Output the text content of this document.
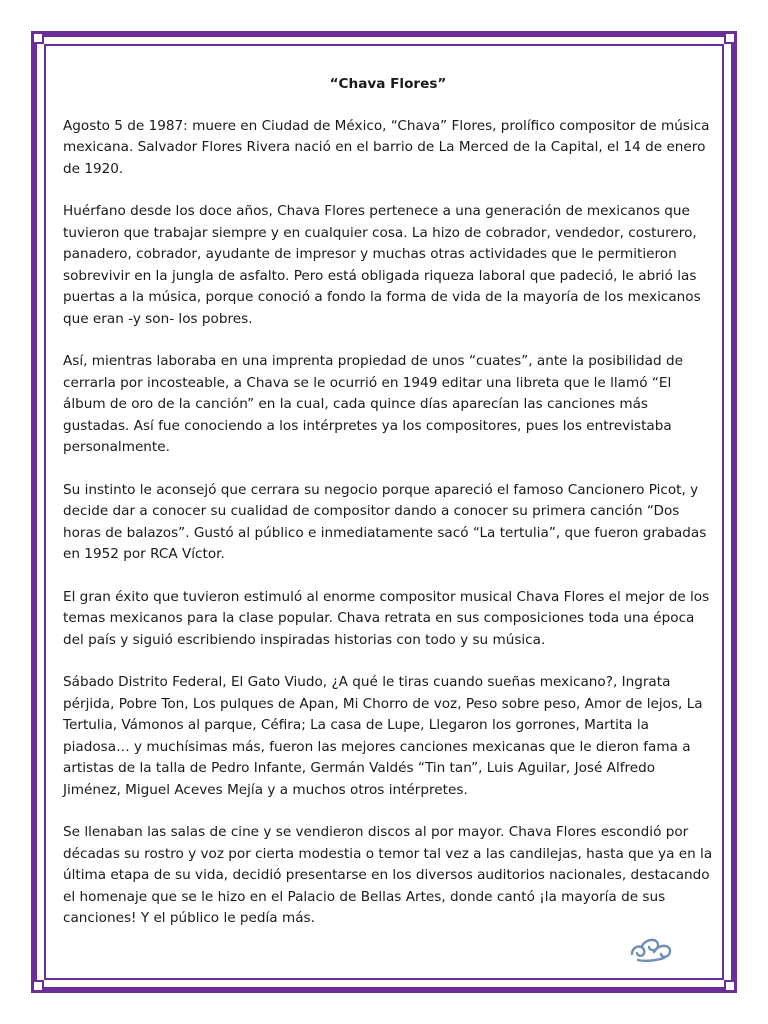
“Chava Flores”

Agosto 5 de 1987: muere en Ciudad de México, “Chava” Flores, prolífico compositor de música mexicana. Salvador Flores Rivera nació en el barrio de La Merced de la Capital, el 14 de enero de 1920.

Huérfano desde los doce años, Chava Flores pertenece a una generación de mexicanos que tuvieron que trabajar siempre y en cualquier cosa. La hizo de cobrador, vendedor, costurero, panadero, cobrador, ayudante de impresor y muchas otras actividades que le permitieron sobrevivir en la jungla de asfalto. Pero está obligada riqueza laboral que padeció, le abrió las puertas a la música, porque conoció a fondo la forma de vida de la mayoría de los mexicanos que eran -y son- los pobres.

Así, mientras laboraba en una imprenta propiedad de unos “cuates”, ante la posibilidad de cerrarla por incosteable, a Chava se le ocurrió en 1949 editar una libreta que le llamó “El álbum de oro de la canción” en la cual, cada quince días aparecían las canciones más gustadas. Así fue conociendo a los intérpretes ya los compositores, pues los entrevistaba personalmente.

Su instinto le aconsejó que cerrara su negocio porque apareció el famoso Cancionero Picot, y decide dar a conocer su cualidad de compositor dando a conocer su primera canción “Dos horas de balazos”. Gustó al público e inmediatamente sacó “La tertulia”, que fueron grabadas en 1952 por RCA Víctor.

El gran éxito que tuvieron estimuló al enorme compositor musical Chava Flores el mejor de los temas mexicanos para la clase popular. Chava retrata en sus composiciones toda una época del país y siguió escribiendo inspiradas historias con todo y su música.

Sábado Distrito Federal, El Gato Viudo, ¿A qué le tiras cuando sueñas mexicano?, Ingrata pérjida, Pobre Ton, Los pulques de Apan, Mi Chorro de voz, Peso sobre peso, Amor de lejos, La Tertulia, Vámonos al parque, Céfira; La casa de Lupe, Llegaron los gorrones, Martita la piadosa… y muchísimas más, fueron las mejores canciones mexicanas que le dieron fama a artistas de la talla de Pedro Infante, Germán Valdés “Tin tan”, Luis Aguilar, José Alfredo Jiménez, Miguel Aceves Mejía y a muchos otros intérpretes.

Se llenaban las salas de cine y se vendieron discos al por mayor. Chava Flores escondió por décadas su rostro y voz por cierta modestia o temor tal vez a las candilejas, hasta que ya en la última etapa de su vida, decidió presentarse en los diversos auditorios nacionales, destacando el homenaje que se le hizo en el Palacio de Bellas Artes, donde cantó ¡la mayoría de sus canciones! Y el público le pedía más.
